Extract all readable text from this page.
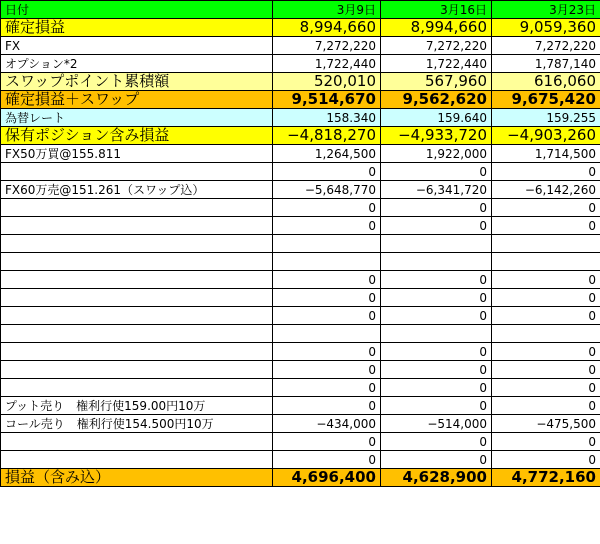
日付	3月9日	3月16日	3月23日
確定損益	8,994,660	8,994,660	9,059,360
FX	7,272,220	7,272,220	7,272,220
オプション*2	1,722,440	1,722,440	1,787,140
スワップポイント累積額	520,010	567,960	616,060
確定損益＋スワップ	9,514,670	9,562,620	9,675,420
為替レート	158.340	159.640	159.255
保有ポジション含み損益	−4,818,270	−4,933,720	−4,903,260
FX50万買@155.811	1,264,500	1,922,000	1,714,500
	0	0	0
FX60万売@151.261（スワップ込）	−5,648,770	−6,341,720	−6,142,260
	0	0	0
	0	0	0

	0	0	0
	0	0	0
	0	0	0

	0	0	0
	0	0	0
	0	0	0
プット売り　権利行使159.00円10万	0	0	0
コール売り　権利行使154.500円10万	−434,000	−514,000	−475,500
	0	0	0
	0	0	0
損益（含み込）	4,696,400	4,628,900	4,772,160
